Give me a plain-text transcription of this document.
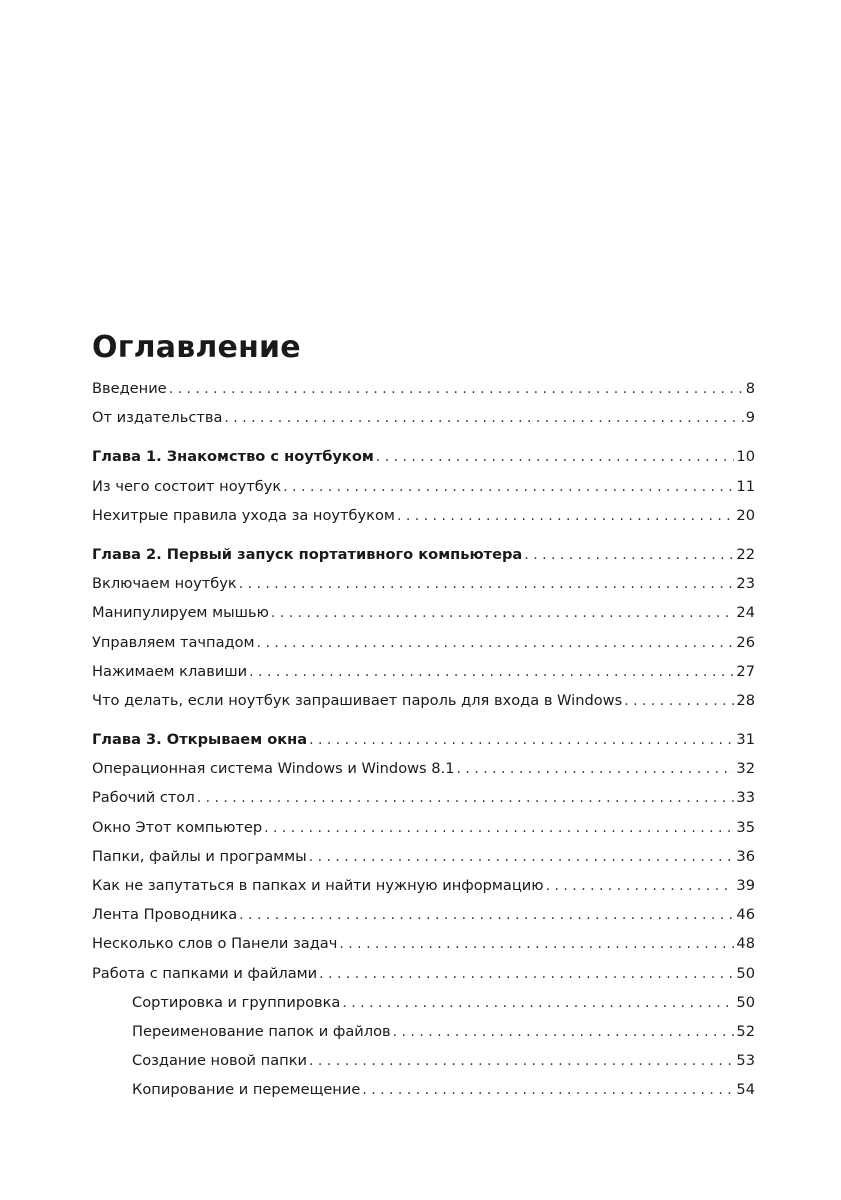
Оглавление
Введение . . .	8
От издательства . . .	9
Глава 1. Знакомство с ноутбуком . . .	10
Из чего состоит ноутбук . . .	11
Нехитрые правила ухода за ноутбуком . . .	20
Глава 2. Первый запуск портативного компьютера . . .	22
Включаем ноутбук . . .	23
Манипулируем мышью . . .	24
Управляем тачпадом . . .	26
Нажимаем клавиши . . .	27
Что делать, если ноутбук запрашивает пароль для входа в Windows . . .	28
Глава 3. Открываем окна . . .	31
Операционная система Windows и Windows 8.1 . . .	32
Рабочий стол . . .	33
Окно Этот компьютер . . .	35
Папки, файлы и программы . . .	36
Как не запутаться в папках и найти нужную информацию . . .	39
Лента Проводника . . .	46
Несколько слов о Панели задач . . .	48
Работа с папками и файлами . . .	50
Сортировка и группировка . . .	50
Переименование папок и файлов . . .	52
Создание новой папки . . .	53
Копирование и перемещение . . .	54
